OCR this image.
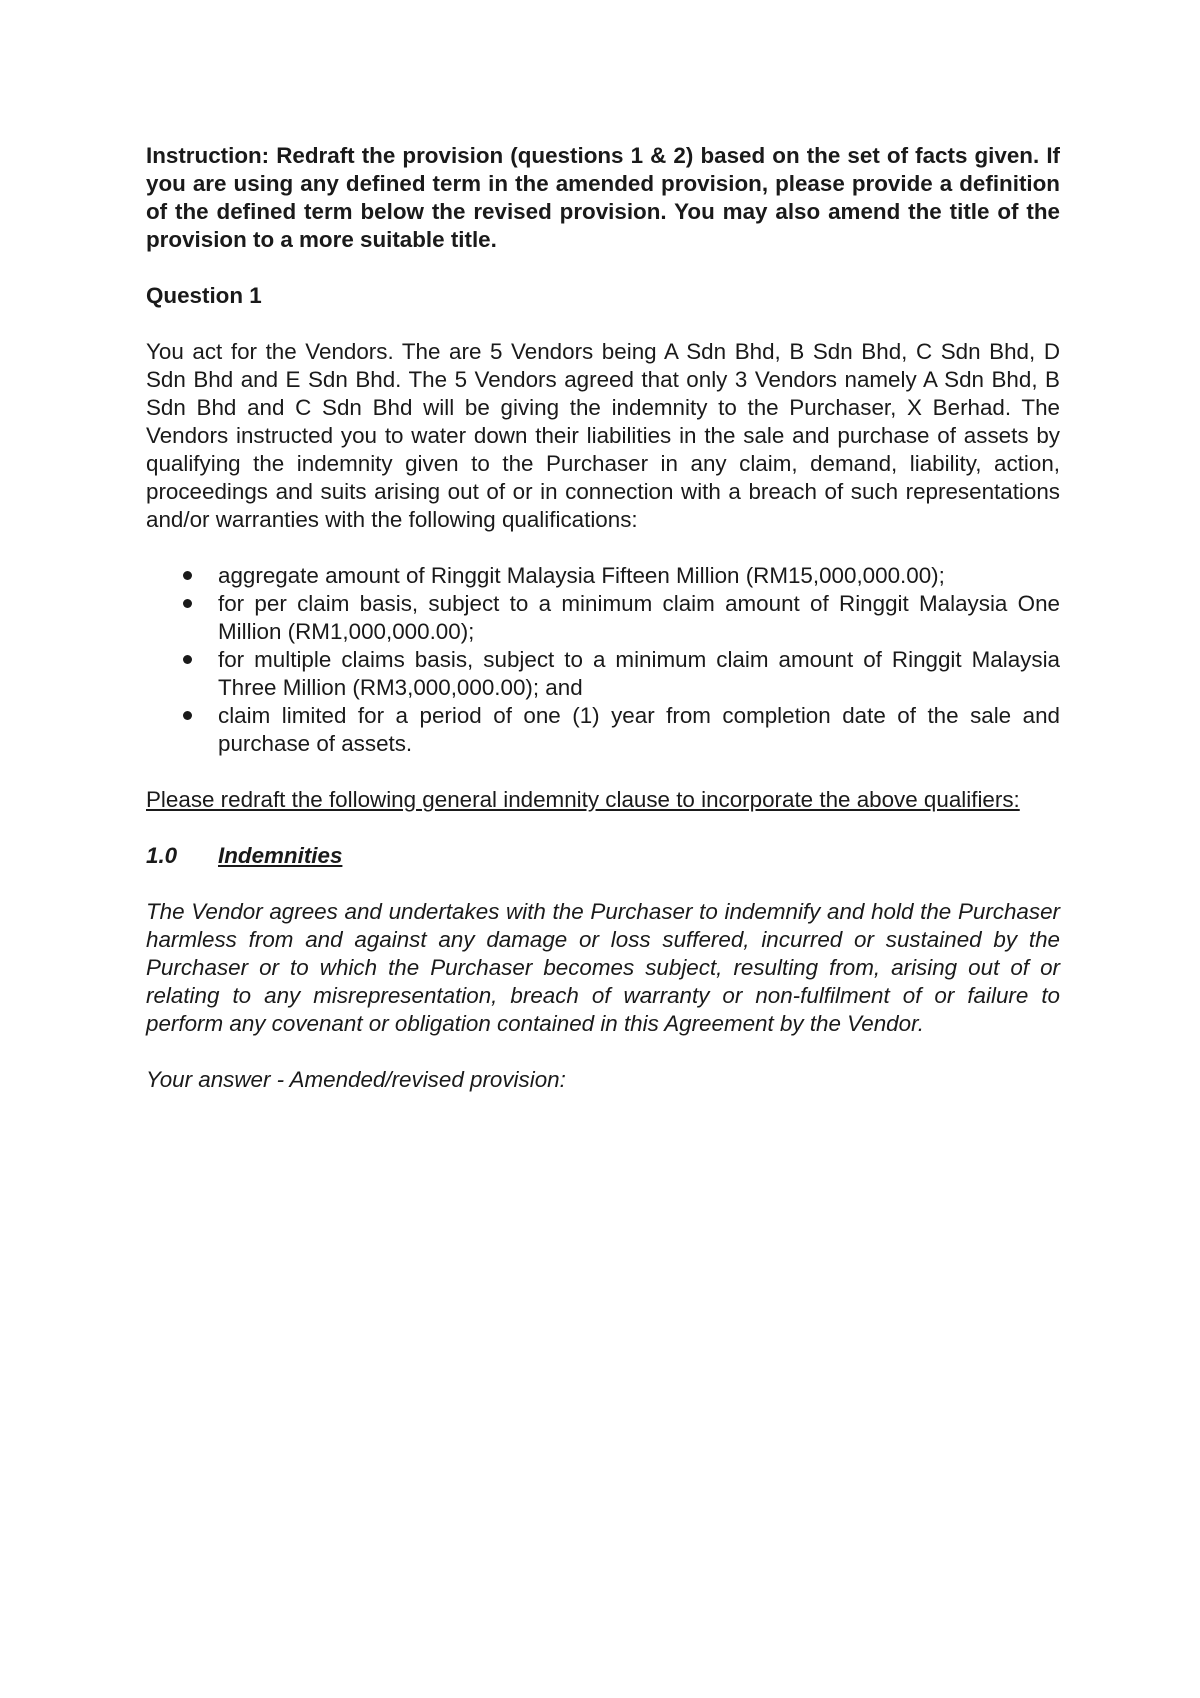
Instruction: Redraft the provision (questions 1 & 2) based on the set of facts given. If you are using any defined term in the amended provision, please provide a definition of the defined term below the revised provision. You may also amend the title of the provision to a more suitable title.

Question 1

You act for the Vendors. The are 5 Vendors being A Sdn Bhd, B Sdn Bhd, C Sdn Bhd, D Sdn Bhd and E Sdn Bhd. The 5 Vendors agreed that only 3 Vendors namely A Sdn Bhd, B Sdn Bhd and C Sdn Bhd will be giving the indemnity to the Purchaser, X Berhad. The Vendors instructed you to water down their liabilities in the sale and purchase of assets by qualifying the indemnity given to the Purchaser in any claim, demand, liability, action, proceedings and suits arising out of or in connection with a breach of such representations and/or warranties with the following qualifications:

aggregate amount of Ringgit Malaysia Fifteen Million (RM15,000,000.00);
for per claim basis, subject to a minimum claim amount of Ringgit Malaysia One Million (RM1,000,000.00);
for multiple claims basis, subject to a minimum claim amount of Ringgit Malaysia Three Million (RM3,000,000.00); and
claim limited for a period of one (1) year from completion date of the sale and purchase of assets.

Please redraft the following general indemnity clause to incorporate the above qualifiers:

1.0 Indemnities

The Vendor agrees and undertakes with the Purchaser to indemnify and hold the Purchaser harmless from and against any damage or loss suffered, incurred or sustained by the Purchaser or to which the Purchaser becomes subject, resulting from, arising out of or relating to any misrepresentation, breach of warranty or non-fulfilment of or failure to perform any covenant or obligation contained in this Agreement by the Vendor.

Your answer - Amended/revised provision:
